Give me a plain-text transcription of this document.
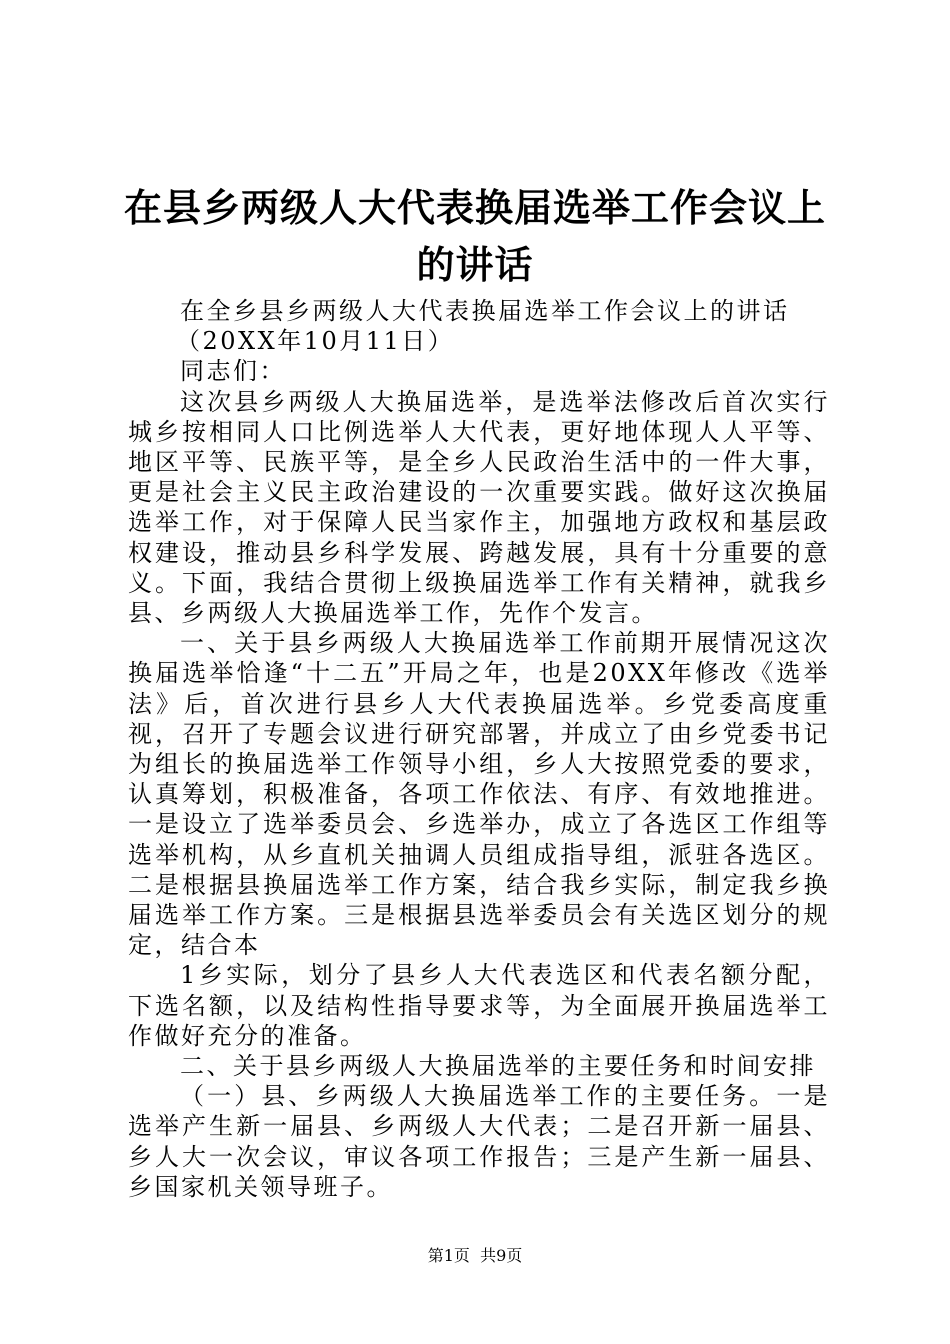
在县乡两级人大代表换届选举工作会议上的讲话

在全乡县乡两级人大代表换届选举工作会议上的讲话

（20XX年10月11日）

同志们：

这次县乡两级人大换届选举，是选举法修改后首次实行城乡按相同人口比例选举人大代表，更好地体现人人平等、地区平等、民族平等，是全乡人民政治生活中的一件大事，更是社会主义民主政治建设的一次重要实践。做好这次换届选举工作，对于保障人民当家作主，加强地方政权和基层政权建设，推动县乡科学发展、跨越发展，具有十分重要的意义。下面，我结合贯彻上级换届选举工作有关精神，就我乡县、乡两级人大换届选举工作，先作个发言。

一、关于县乡两级人大换届选举工作前期开展情况这次换届选举恰逢“十二五”开局之年，也是20XX年修改《选举法》后，首次进行县乡人大代表换届选举。乡党委高度重视，召开了专题会议进行研究部署，并成立了由乡党委书记为组长的换届选举工作领导小组，乡人大按照党委的要求，认真筹划，积极准备，各项工作依法、有序、有效地推进。一是设立了选举委员会、乡选举办，成立了各选区工作组等选举机构，从乡直机关抽调人员组成指导组，派驻各选区。二是根据县换届选举工作方案，结合我乡实际，制定我乡换届选举工作方案。三是根据县选举委员会有关选区划分的规定，结合本

1乡实际，划分了县乡人大代表选区和代表名额分配，下选名额，以及结构性指导要求等，为全面展开换届选举工作做好充分的准备。

二、关于县乡两级人大换届选举的主要任务和时间安排

（一）县、乡两级人大换届选举工作的主要任务。一是选举产生新一届县、乡两级人大代表；二是召开新一届县、乡人大一次会议，审议各项工作报告；三是产生新一届县、乡国家机关领导班子。

第1页 共9页
